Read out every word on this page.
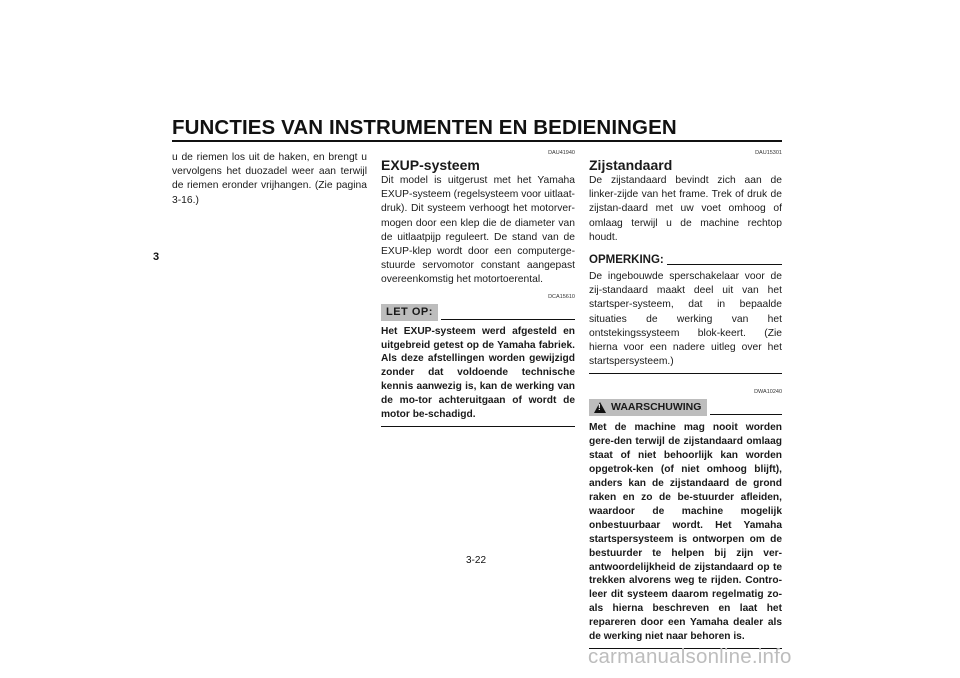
FUNCTIES VAN INSTRUMENTEN EN BEDIENINGEN
3

u de riemen los uit de haken, en brengt u vervolgens het duozadel weer aan terwijl de riemen eronder vrijhangen. (Zie pagina 3-16.)

DAU41940
EXUP-systeem

Dit model is uitgerust met het Yamaha EXUP-systeem (regelsysteem voor uitlaat-druk). Dit systeem verhoogt het motorver-mogen door een klep die de diameter van de uitlaatpijp reguleert. De stand van de EXUP-klep wordt door een computerge-stuurde servomotor constant aangepast overeenkomstig het motortoerental.

DCA15610
LET OP:

Het EXUP-systeem werd afgesteld en uitgebreid getest op de Yamaha fabriek. Als deze afstellingen worden gewijzigd zonder dat voldoende technische kennis aanwezig is, kan de werking van de mo-tor achteruitgaan of wordt de motor be-schadigd.

DAU15301
Zijstandaard

De zijstandaard bevindt zich aan de linker-zijde van het frame. Trek of druk de zijstan-daard met uw voet omhoog of omlaag terwijl u de machine rechtop houdt.

OPMERKING:

De ingebouwde sperschakelaar voor de zij-standaard maakt deel uit van het startsper-systeem, dat in bepaalde situaties de werking van het ontstekingssysteem blok-keert. (Zie hierna voor een nadere uitleg over het startspersysteem.)

DWA10240
!
WAARSCHUWING

Met de machine mag nooit worden gere-den terwijl de zijstandaard omlaag staat of niet behoorlijk kan worden opgetrok-ken (of niet omhoog blijft), anders kan de zijstandaard de grond raken en zo de be-stuurder afleiden, waardoor de machine mogelijk onbestuurbaar wordt. Het Yamaha startspersysteem is ontworpen om de bestuurder te helpen bij zijn ver-antwoordelijkheid de zijstandaard op te trekken alvorens weg te rijden. Contro-leer dit systeem daarom regelmatig zo-als hierna beschreven en laat het repareren door een Yamaha dealer als de werking niet naar behoren is.

3-22
carmanualsonline.info
